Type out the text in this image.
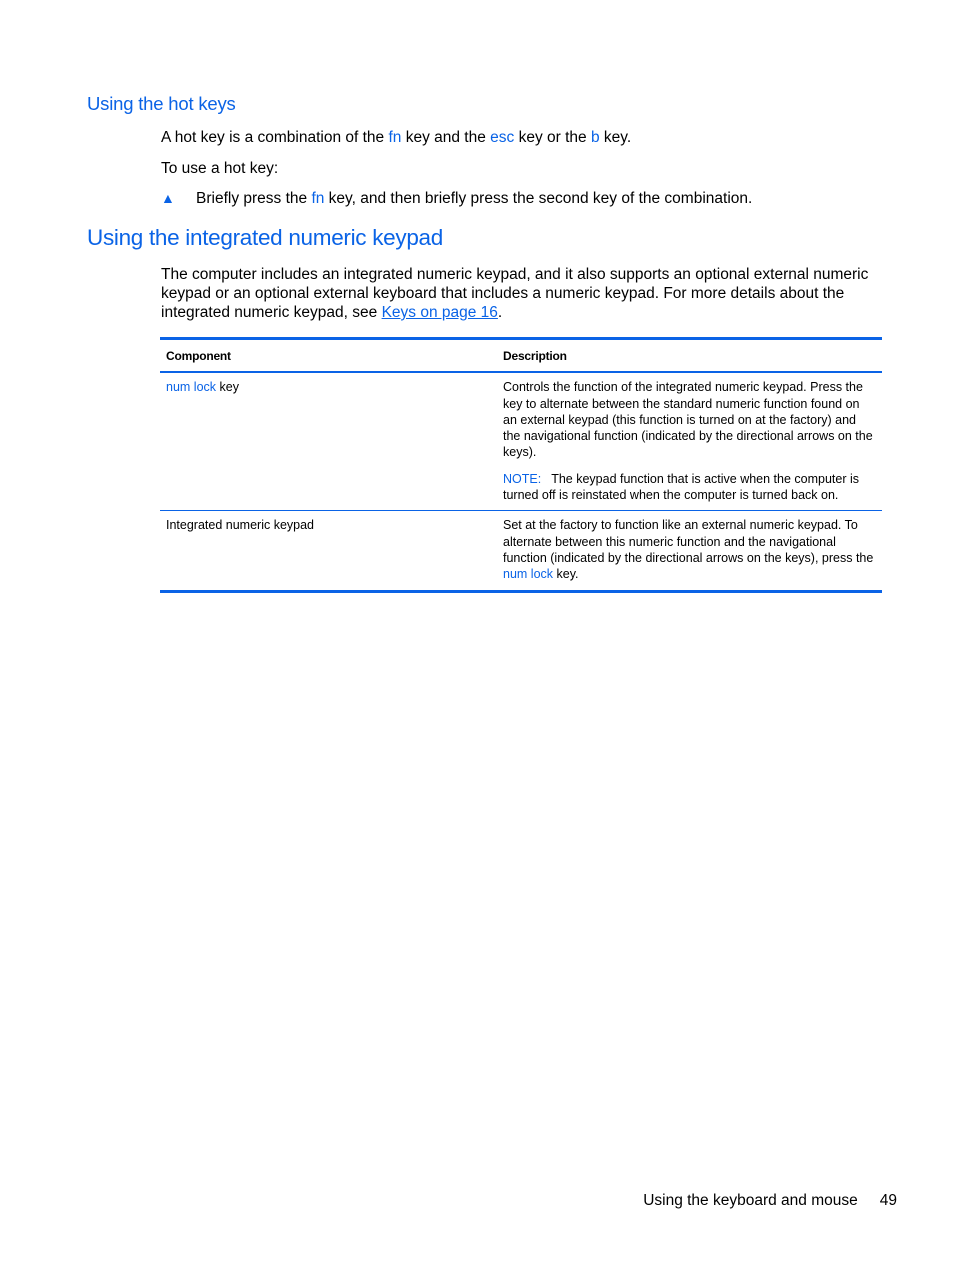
Using the hot keys

A hot key is a combination of the fn key and the esc key or the b key.

To use a hot key:

▲ Briefly press the fn key, and then briefly press the second key of the combination.

Using the integrated numeric keypad

The computer includes an integrated numeric keypad, and it also supports an optional external numeric keypad or an optional external keyboard that includes a numeric keypad. For more details about the integrated numeric keypad, see Keys on page 16.

Component	Description
num lock key	Controls the function of the integrated numeric keypad. Press the key to alternate between the standard numeric function found on an external keypad (this function is turned on at the factory) and the navigational function (indicated by the directional arrows on the keys).

NOTE: The keypad function that is active when the computer is turned off is reinstated when the computer is turned back on.

Integrated numeric keypad	Set at the factory to function like an external numeric keypad. To alternate between this numeric function and the navigational function (indicated by the directional arrows on the keys), press the num lock key.
Using the keyboard and mouse 49
